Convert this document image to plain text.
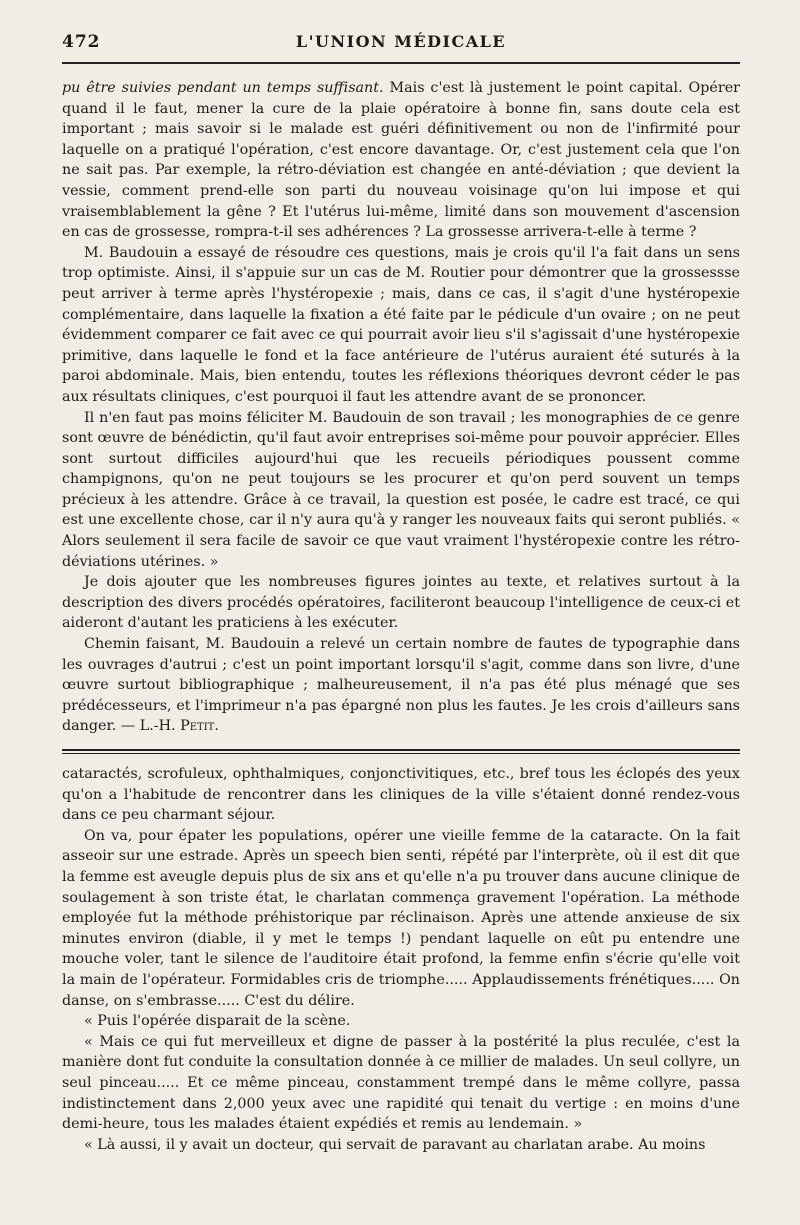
472	L'UNION MÉDICALE

pu être suivies pendant un temps suffisant. Mais c'est là justement le point capital. Opérer quand il le faut, mener la cure de la plaie opératoire à bonne fin, sans doute cela est important ; mais savoir si le malade est guéri définitivement ou non de l'infirmité pour laquelle on a pratiqué l'opération, c'est encore davantage. Or, c'est justement cela que l'on ne sait pas. Par exemple, la rétro-déviation est changée en anté-déviation ; que devient la vessie, comment prend-elle son parti du nouveau voisinage qu'on lui impose et qui vraisemblablement la gêne ? Et l'utérus lui-même, limité dans son mouvement d'ascension en cas de grossesse, rompra-t-il ses adhérences ? La grossesse arrivera-t-elle à terme ?

M. Baudouin a essayé de résoudre ces questions, mais je crois qu'il l'a fait dans un sens trop optimiste. Ainsi, il s'appuie sur un cas de M. Routier pour démontrer que la grossessse peut arriver à terme après l'hystéropexie ; mais, dans ce cas, il s'agit d'une hystéropexie complémentaire, dans laquelle la fixation a été faite par le pédicule d'un ovaire ; on ne peut évidemment comparer ce fait avec ce qui pourrait avoir lieu s'il s'agissait d'une hystéropexie primitive, dans laquelle le fond et la face antérieure de l'utérus auraient été suturés à la paroi abdominale. Mais, bien entendu, toutes les réflexions théoriques devront céder le pas aux résultats cliniques, c'est pourquoi il faut les attendre avant de se prononcer.

Il n'en faut pas moins féliciter M. Baudouin de son travail ; les monographies de ce genre sont œuvre de bénédictin, qu'il faut avoir entreprises soi-même pour pouvoir apprécier. Elles sont surtout difficiles aujourd'hui que les recueils périodiques poussent comme champignons, qu'on ne peut toujours se les procurer et qu'on perd souvent un temps précieux à les attendre. Grâce à ce travail, la question est posée, le cadre est tracé, ce qui est une excellente chose, car il n'y aura qu'à y ranger les nouveaux faits qui seront publiés. « Alors seulement il sera facile de savoir ce que vaut vraiment l'hystéropexie contre les rétro-déviations utérines. »

Je dois ajouter que les nombreuses figures jointes au texte, et relatives surtout à la description des divers procédés opératoires, faciliteront beaucoup l'intelligence de ceux-ci et aideront d'autant les praticiens à les exécuter.

Chemin faisant, M. Baudouin a relevé un certain nombre de fautes de typographie dans les ouvrages d'autrui ; c'est un point important lorsqu'il s'agit, comme dans son livre, d'une œuvre surtout bibliographique ; malheureusement, il n'a pas été plus ménagé que ses prédécesseurs, et l'imprimeur n'a pas épargné non plus les fautes. Je les crois d'ailleurs sans danger. — L.-H. Petit.

cataractés, scrofuleux, ophthalmiques, conjonctivitiques, etc., bref tous les éclopés des yeux qu'on a l'habitude de rencontrer dans les cliniques de la ville s'étaient donné rendez-vous dans ce peu charmant séjour.

On va, pour épater les populations, opérer une vieille femme de la cataracte. On la fait asseoir sur une estrade. Après un speech bien senti, répété par l'interprète, où il est dit que la femme est aveugle depuis plus de six ans et qu'elle n'a pu trouver dans aucune clinique de soulagement à son triste état, le charlatan commença gravement l'opération. La méthode employée fut la méthode préhistorique par réclinaison. Après une attende anxieuse de six minutes environ (diable, il y met le temps !) pendant laquelle on eût pu entendre une mouche voler, tant le silence de l'auditoire était profond, la femme enfin s'écrie qu'elle voit la main de l'opérateur. Formidables cris de triomphe..... Applaudissements frénétiques..... On danse, on s'embrasse..... C'est du délire.

« Puis l'opérée disparait de la scène.

« Mais ce qui fut merveilleux et digne de passer à la postérité la plus reculée, c'est la manière dont fut conduite la consultation donnée à ce millier de malades. Un seul collyre, un seul pinceau..... Et ce même pinceau, constamment trempé dans le même collyre, passa indistinctement dans 2,000 yeux avec une rapidité qui tenait du vertige : en moins d'une demi-heure, tous les malades étaient expédiés et remis au lendemain. »

« Là aussi, il y avait un docteur, qui servait de paravant au charlatan arabe. Au moins
